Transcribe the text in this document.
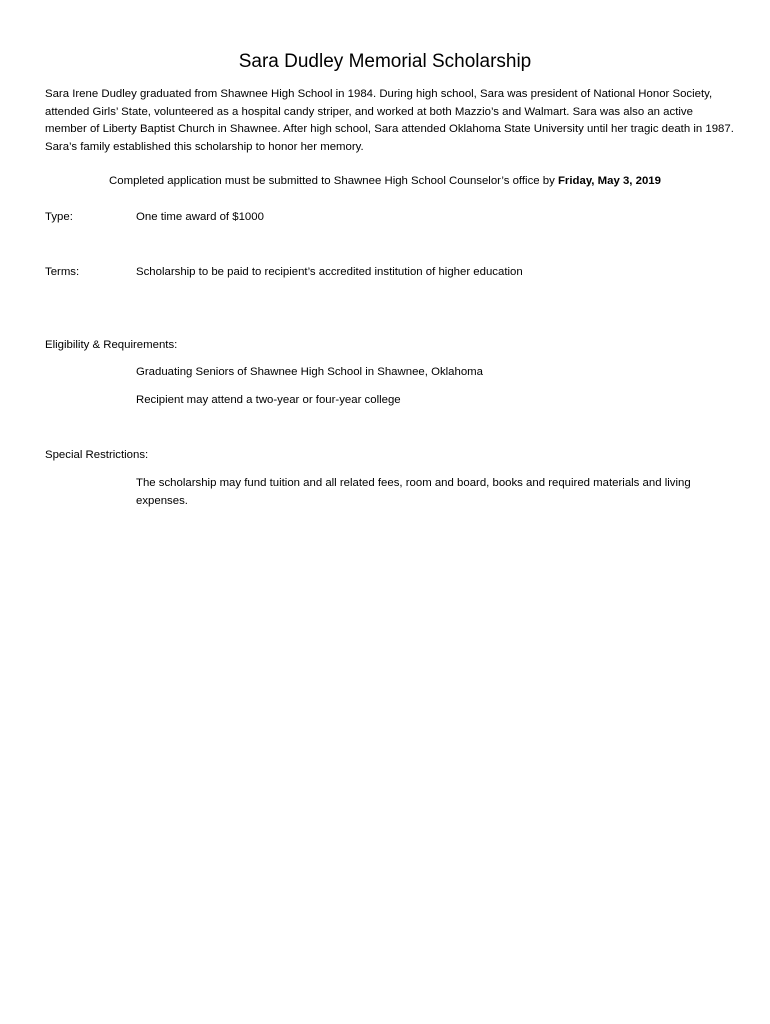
Sara Dudley Memorial Scholarship
Sara Irene Dudley graduated from Shawnee High School in 1984. During high school, Sara was president of National Honor Society, attended Girls’ State, volunteered as a hospital candy striper, and worked at both Mazzio’s and Walmart. Sara was also an active member of Liberty Baptist Church in Shawnee. After high school, Sara attended Oklahoma State University until her tragic death in 1987. Sara’s family established this scholarship to honor her memory.
Completed application must be submitted to Shawnee High School Counselor’s office by Friday, May 3, 2019
Type:	One time award of $1000
Terms:	Scholarship to be paid to recipient’s accredited institution of higher education
Eligibility & Requirements:
Graduating Seniors of Shawnee High School in Shawnee, Oklahoma
Recipient may attend a two-year or four-year college
Special Restrictions:
The scholarship may fund tuition and all related fees, room and board, books and required materials and living expenses.
